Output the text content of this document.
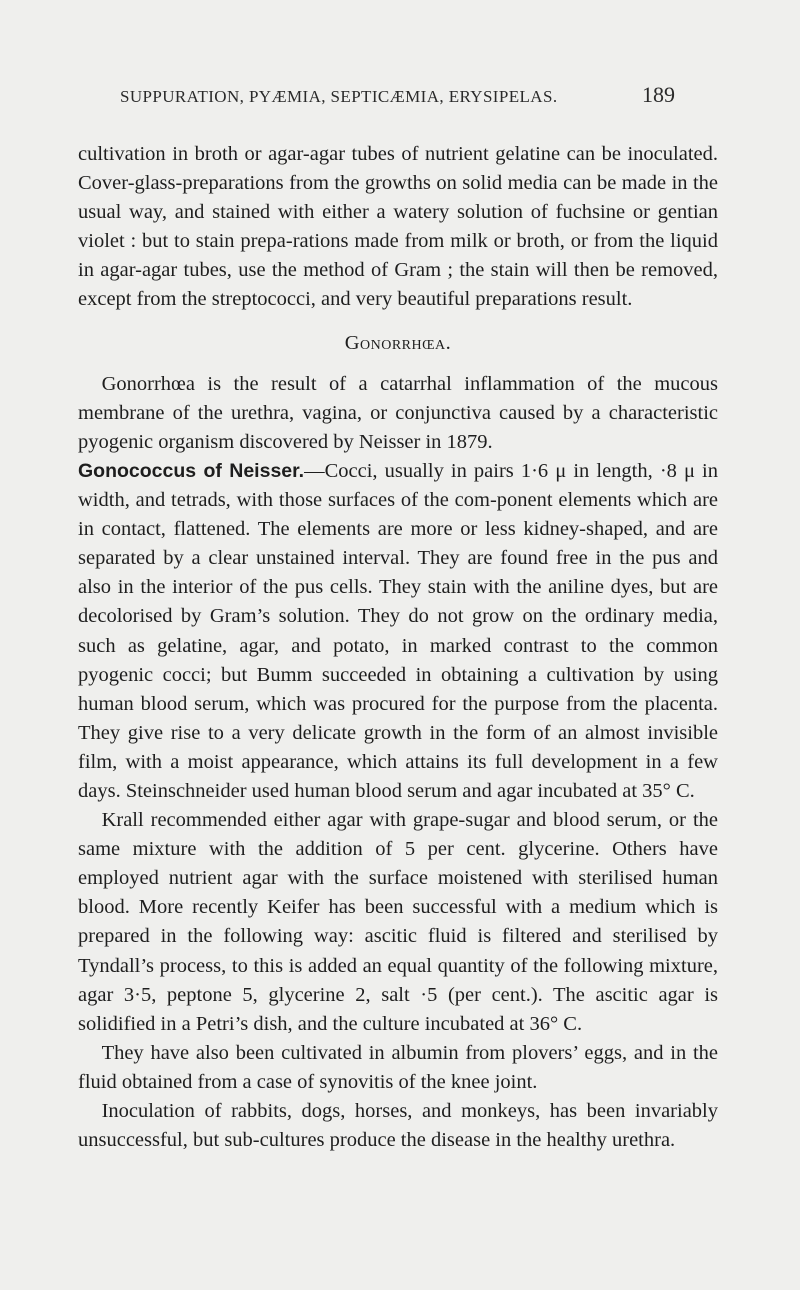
SUPPURATION, PYÆMIA, SEPTICÆMIA, ERYSIPELAS.	189

cultivation in broth or agar-agar tubes of nutrient gelatine can be inoculated. Cover-glass-preparations from the growths on solid media can be made in the usual way, and stained with either a watery solution of fuchsine or gentian violet : but to stain prepa-rations made from milk or broth, or from the liquid in agar-agar tubes, use the method of Gram ; the stain will then be removed, except from the streptococci, and very beautiful preparations result.

Gonorrhœa.

Gonorrhœa is the result of a catarrhal inflammation of the mucous membrane of the urethra, vagina, or conjunctiva caused by a characteristic pyogenic organism discovered by Neisser in 1879.

Gonococcus of Neisser.—Cocci, usually in pairs 1·6 μ in length, ·8 μ in width, and tetrads, with those surfaces of the com-ponent elements which are in contact, flattened. The elements are more or less kidney-shaped, and are separated by a clear unstained interval. They are found free in the pus and also in the interior of the pus cells. They stain with the aniline dyes, but are decolorised by Gram’s solution. They do not grow on the ordinary media, such as gelatine, agar, and potato, in marked contrast to the common pyogenic cocci; but Bumm succeeded in obtaining a cultivation by using human blood serum, which was procured for the purpose from the placenta. They give rise to a very delicate growth in the form of an almost invisible film, with a moist appearance, which attains its full development in a few days. Steinschneider used human blood serum and agar incubated at 35° C.

Krall recommended either agar with grape-sugar and blood serum, or the same mixture with the addition of 5 per cent. glycerine. Others have employed nutrient agar with the surface moistened with sterilised human blood. More recently Keifer has been successful with a medium which is prepared in the following way: ascitic fluid is filtered and sterilised by Tyndall’s process, to this is added an equal quantity of the following mixture, agar 3·5, peptone 5, glycerine 2, salt ·5 (per cent.). The ascitic agar is solidified in a Petri’s dish, and the culture incubated at 36° C.

They have also been cultivated in albumin from plovers’ eggs, and in the fluid obtained from a case of synovitis of the knee joint.

Inoculation of rabbits, dogs, horses, and monkeys, has been invariably unsuccessful, but sub-cultures produce the disease in the healthy urethra.
